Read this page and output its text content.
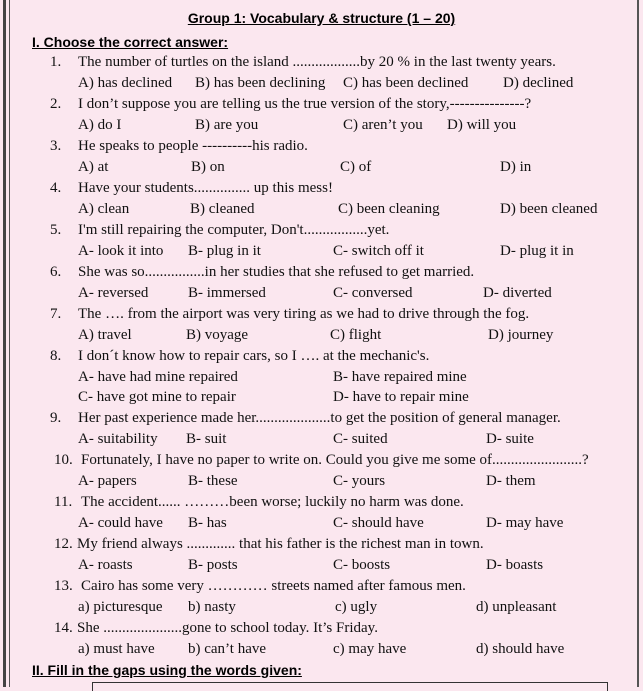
Group 1: Vocabulary & structure (1 – 20)
I. Choose the correct answer:
1. The number of turtles on the island ..................by 20 % in the last twenty years.
A) has declined B) has been declining C) has been declined D) declined
2. I don’t suppose you are telling us the true version of the story,---------------?
A) do I	B) are you	C) aren’t you D) will you
3. He speaks to people ----------his radio.
A) at	B) on	C) of	D) in
4. Have your students............... up this mess!
A) clean	B) cleaned	C) been cleaning	D) been cleaned
5. I'm still repairing the computer, Don't.................yet.
A- look it into B- plug in it	C- switch off it	D- plug it in
6. She was so................in her studies that she refused to get married.
A- reversed	B- immersed	C- conversed	D- diverted
7. The …. from the airport was very tiring as we had to drive through the fog.
A) travel	B) voyage	C) flight	D) journey
8. I don´t know how to repair cars, so I …. at the mechanic's.
A- have had mine repaired	B- have repaired mine
C- have got mine to repair	D- have to repair mine
9. Her past experience made her....................to get the position of general manager.
A- suitability B- suit	C- suited	D- suite
10. Fortunately, I have no paper to write on. Could you give me some of........................?
A- papers	B- these	C- yours	D- them
11. The accident...... ………been worse; luckily no harm was done.
A- could have B- has	C- should have	D- may have
12. My friend always ............. that his father is the richest man in town.
A- roasts	B- posts	C- boosts	D- boasts
13. Cairo has some very ………… streets named after famous men.
a) picturesque b) nasty	c) ugly	d) unpleasant
14. She .....................gone to school today. It’s Friday.
a) must have b) can’t have	c) may have	d) should have
II. Fill in the gaps using the words given:
